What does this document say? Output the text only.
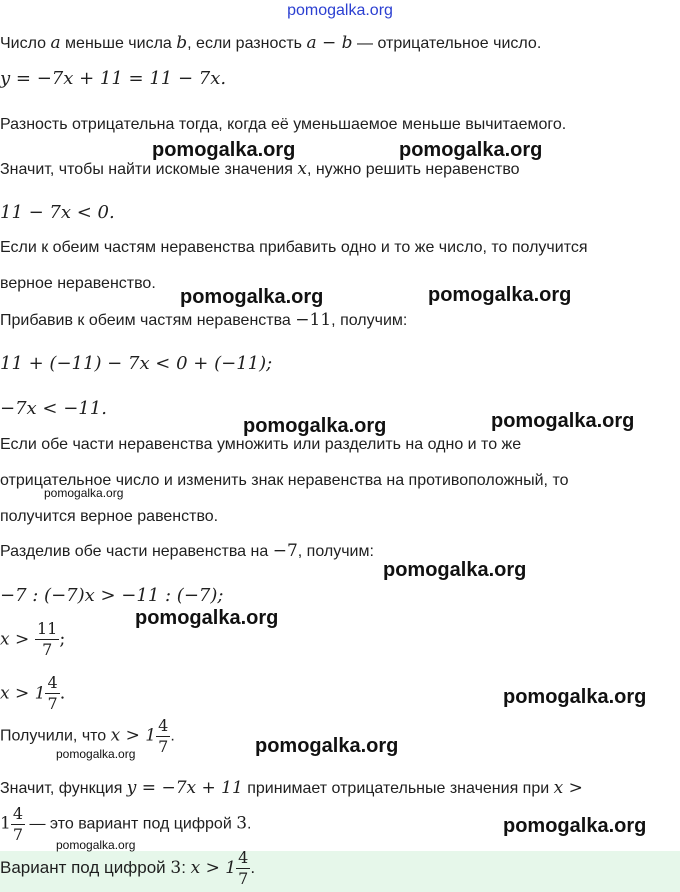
pomogalka.org
Число a меньше числа b, если разность a − b — отрицательное число.
y = −7x + 11 = 11 − 7x.
Разность отрицательна тогда, когда её уменьшаемое меньше вычитаемого.
Значит, чтобы найти искомые значения x, нужно решить неравенство
11 − 7x < 0.
Если к обеим частям неравенства прибавить одно и то же число, то получится
верное неравенство.
Прибавив к обеим частям неравенства −11, получим:
11 + (−11) − 7x < 0 + (−11);
−7x < −11.
Если обе части неравенства умножить или разделить на одно и то же
отрицательное число и изменить знак неравенства на противоположный, то
получится верное равенство.
Разделив обе части неравенства на −7, получим:
−7 : (−7)x > −11 : (−7);
$x > \frac{11}{7}$ ;
$x > 1 \frac{4}{7}$ .
Получили, что $x > 1 \frac{4}{7}$ .
Значит, функция y = −7x + 11 принимает отрицательные значения при x >
$1 \frac{4}{7}$ — это вариант под цифрой 3.
Вариант под цифрой 3: $x > 1 \frac{4}{7}$ .
pomogalka.org	pomogalka.org
pomogalka.org	pomogalka.org
pomogalka.org	pomogalka.org
pomogalka.org
pomogalka.org
pomogalka.org
pomogalka.org
pomogalka.org
pomogalka.org
pomogalka.org
pomogalka.org
